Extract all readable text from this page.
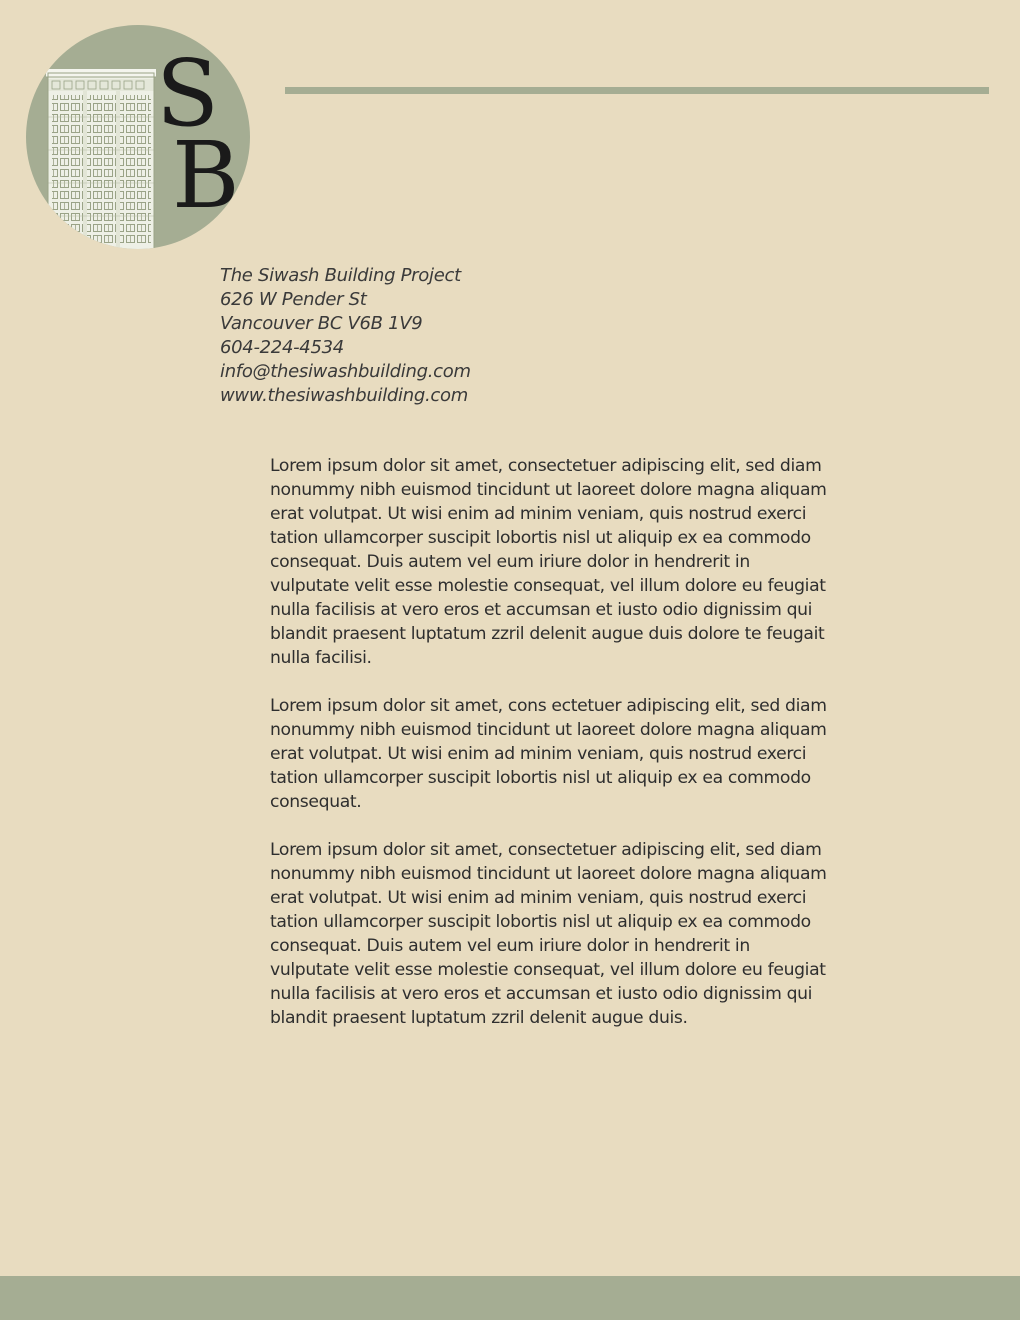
S
B
The Siwash Building Project
626 W Pender St
Vancouver BC V6B 1V9
604-224-4534
info@thesiwashbuilding.com
www.thesiwashbuilding.com

Lorem ipsum dolor sit amet, consectetuer adipiscing elit, sed diam nonummy nibh euismod tincidunt ut laoreet dolore magna aliquam erat volutpat. Ut wisi enim ad minim veniam, quis nostrud exerci tation ullamcorper suscipit lobortis nisl ut aliquip ex ea commodo consequat. Duis autem vel eum iriure dolor in hendrerit in vulputate velit esse molestie consequat, vel illum dolore eu feugiat nulla facilisis at vero eros et accumsan et iusto odio dignissim qui blandit praesent luptatum zzril delenit augue duis dolore te feugait nulla facilisi.

Lorem ipsum dolor sit amet, cons ectetuer adipiscing elit, sed diam nonummy nibh euismod tincidunt ut laoreet dolore magna aliquam erat volutpat. Ut wisi enim ad minim veniam, quis nostrud exerci tation ullamcorper suscipit lobortis nisl ut aliquip ex ea commodo consequat.

Lorem ipsum dolor sit amet, consectetuer adipiscing elit, sed diam nonummy nibh euismod tincidunt ut laoreet dolore magna aliquam erat volutpat. Ut wisi enim ad minim veniam, quis nostrud exerci tation ullamcorper suscipit lobortis nisl ut aliquip ex ea commodo consequat. Duis autem vel eum iriure dolor in hendrerit in vulputate velit esse molestie consequat, vel illum dolore eu feugiat nulla facilisis at vero eros et accumsan et iusto odio dignissim qui blandit praesent luptatum zzril delenit augue duis.
